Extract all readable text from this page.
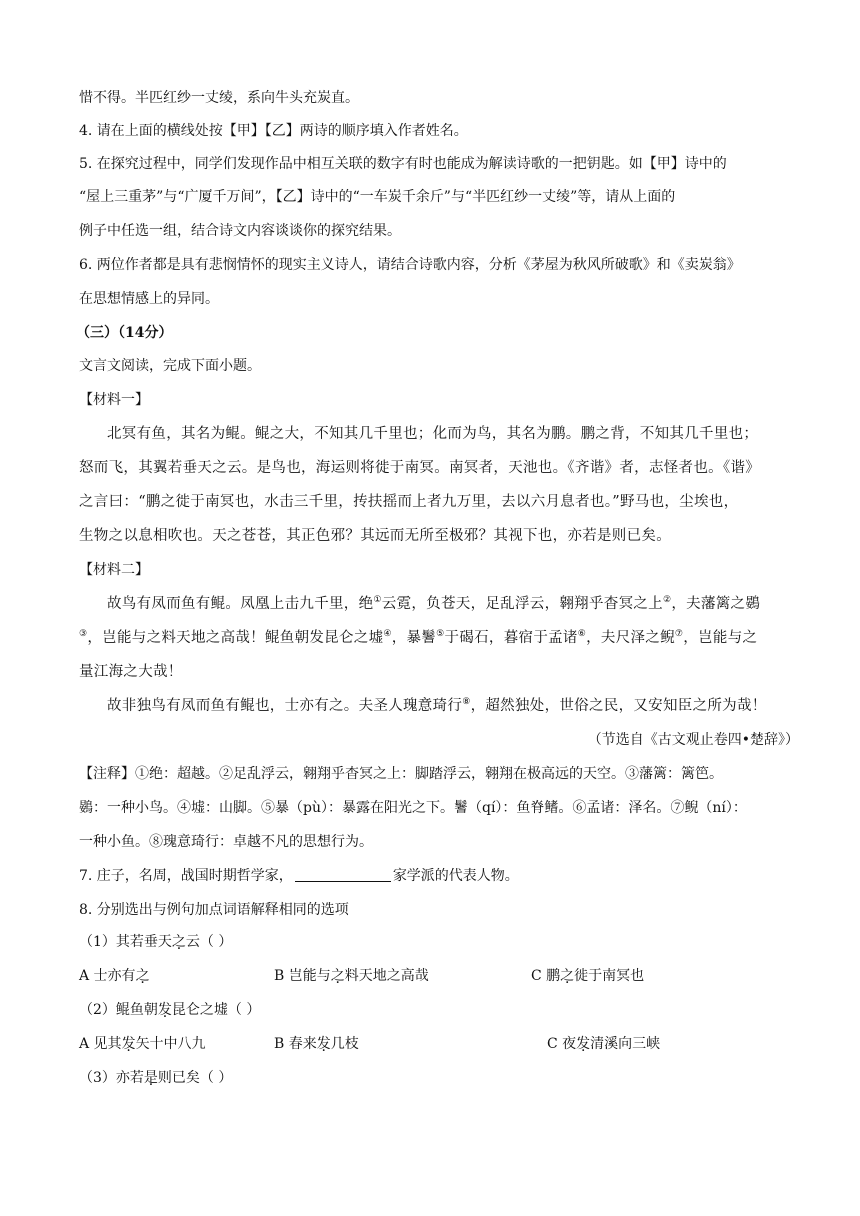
惜不得。半匹红纱一丈绫，系向牛头充炭直。
4. 请在上面的横线处按【甲】【乙】两诗的顺序填入作者姓名。
5. 在探究过程中，同学们发现作品中相互关联的数字有时也能成为解读诗歌的一把钥匙。如【甲】诗中的
“屋上三重茅”与“广厦千万间”，【乙】诗中的“一车炭千余斤”与“半匹红纱一丈绫”等，请从上面的
例子中任选一组，结合诗文内容谈谈你的探究结果。
6. 两位作者都是具有悲悯情怀的现实主义诗人，请结合诗歌内容，分析《茅屋为秋风所破歌》和《卖炭翁》
在思想情感上的异同。
（三）（14分）
文言文阅读，完成下面小题。
【材料一】
北冥有鱼，其名为鲲。鲲之大，不知其几千里也；化而为鸟，其名为鹏。鹏之背，不知其几千里也；
怒而飞，其翼若垂天之云。是鸟也，海运则将徙于南冥。南冥者，天池也。《齐谐》者，志怪者也。《谐》
之言曰：“鹏之徙于南冥也，水击三千里，抟扶摇而上者九万里，去以六月息者也。”野马也，尘埃也，
生物之以息相吹也。天之苍苍，其正色邪？其远而无所至极邪？其视下也，亦若是则已矣。
【材料二】
故鸟有凤而鱼有鲲。凤凰上击九千里，绝①云霓，负苍天，足乱浮云，翱翔乎杳冥之上②，夫藩篱之鷃
③，岂能与之料天地之高哉！鲲鱼朝发昆仑之墟④，暴鬐⑤于碣石，暮宿于孟诸⑥，夫尺泽之鲵⑦，岂能与之
量江海之大哉！
故非独鸟有凤而鱼有鲲也，士亦有之。夫圣人瑰意琦行⑧，超然独处，世俗之民，又安知臣之所为哉！
（节选自《古文观止卷四•楚辞》）
【注释】①绝：超越。②足乱浮云，翱翔乎杳冥之上：脚踏浮云，翱翔在极高远的天空。③藩篱：篱笆。
鷃：一种小鸟。④墟：山脚。⑤暴（pù）：暴露在阳光之下。鬐（qí）：鱼脊鳍。⑥孟诸：泽名。⑦鲵（ní）：
一种小鱼。⑧瑰意琦行：卓越不凡的思想行为。
7. 庄子，名周，战国时期哲学家，	家学派的代表人物。
8. 分别选出与例句加点词语解释相同的选项
（1）其若垂天之云（ ）
A 士亦有之	B 岂能与之料天地之高哉	C 鹏之徙于南冥也
（2）鲲鱼朝发昆仑之墟（ ）
A 见其发矢十中八九	B 春来发几枝	C 夜发清溪向三峡
（3）亦若是则已矣（ ）
